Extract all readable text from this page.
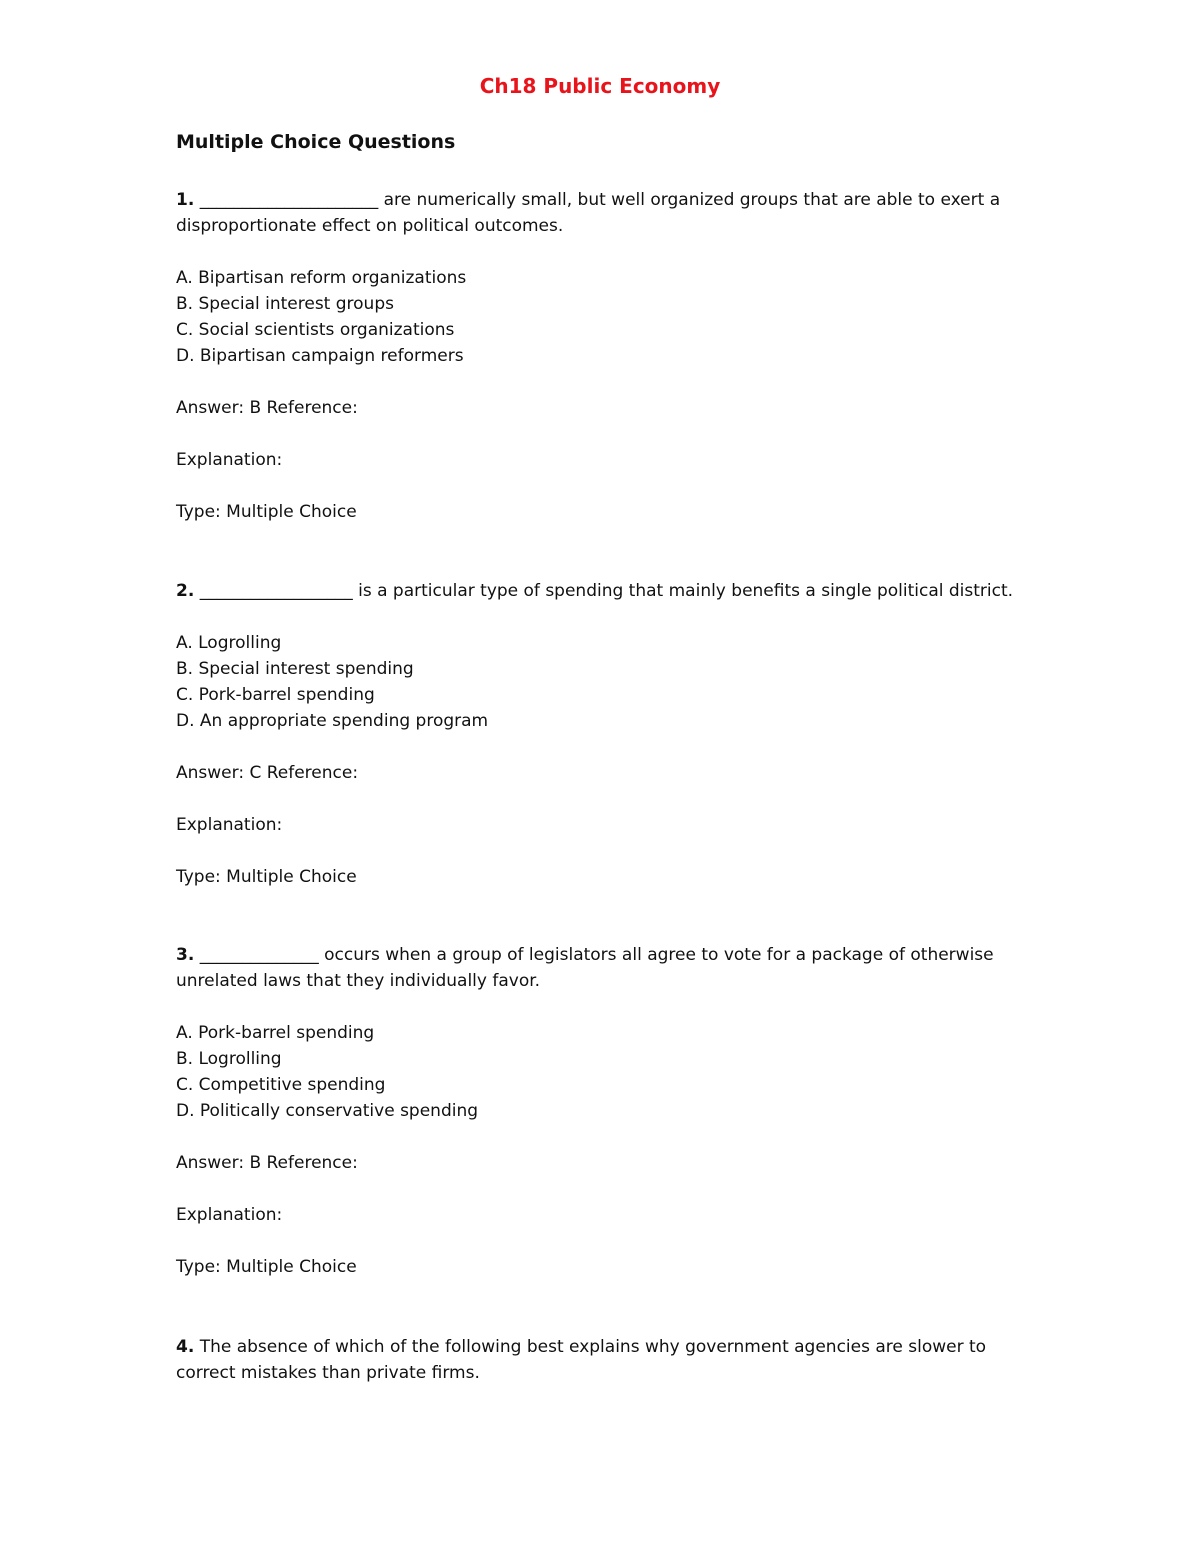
Ch18 Public Economy
Multiple Choice Questions

1. _____________________ are numerically small, but well organized groups that are able to exert a disproportionate effect on political outcomes.

A. Bipartisan reform organizations
B. Special interest groups
C. Social scientists organizations
D. Bipartisan campaign reformers

Answer: B Reference:

Explanation:

Type: Multiple Choice

2. __________________ is a particular type of spending that mainly benefits a single political district.

A. Logrolling
B. Special interest spending
C. Pork-barrel spending
D. An appropriate spending program

Answer: C Reference:

Explanation:

Type: Multiple Choice

3. ______________ occurs when a group of legislators all agree to vote for a package of otherwise unrelated laws that they individually favor.

A. Pork-barrel spending
B. Logrolling
C. Competitive spending
D. Politically conservative spending

Answer: B Reference:

Explanation:

Type: Multiple Choice

4. The absence of which of the following best explains why government agencies are slower to correct mistakes than private firms.
